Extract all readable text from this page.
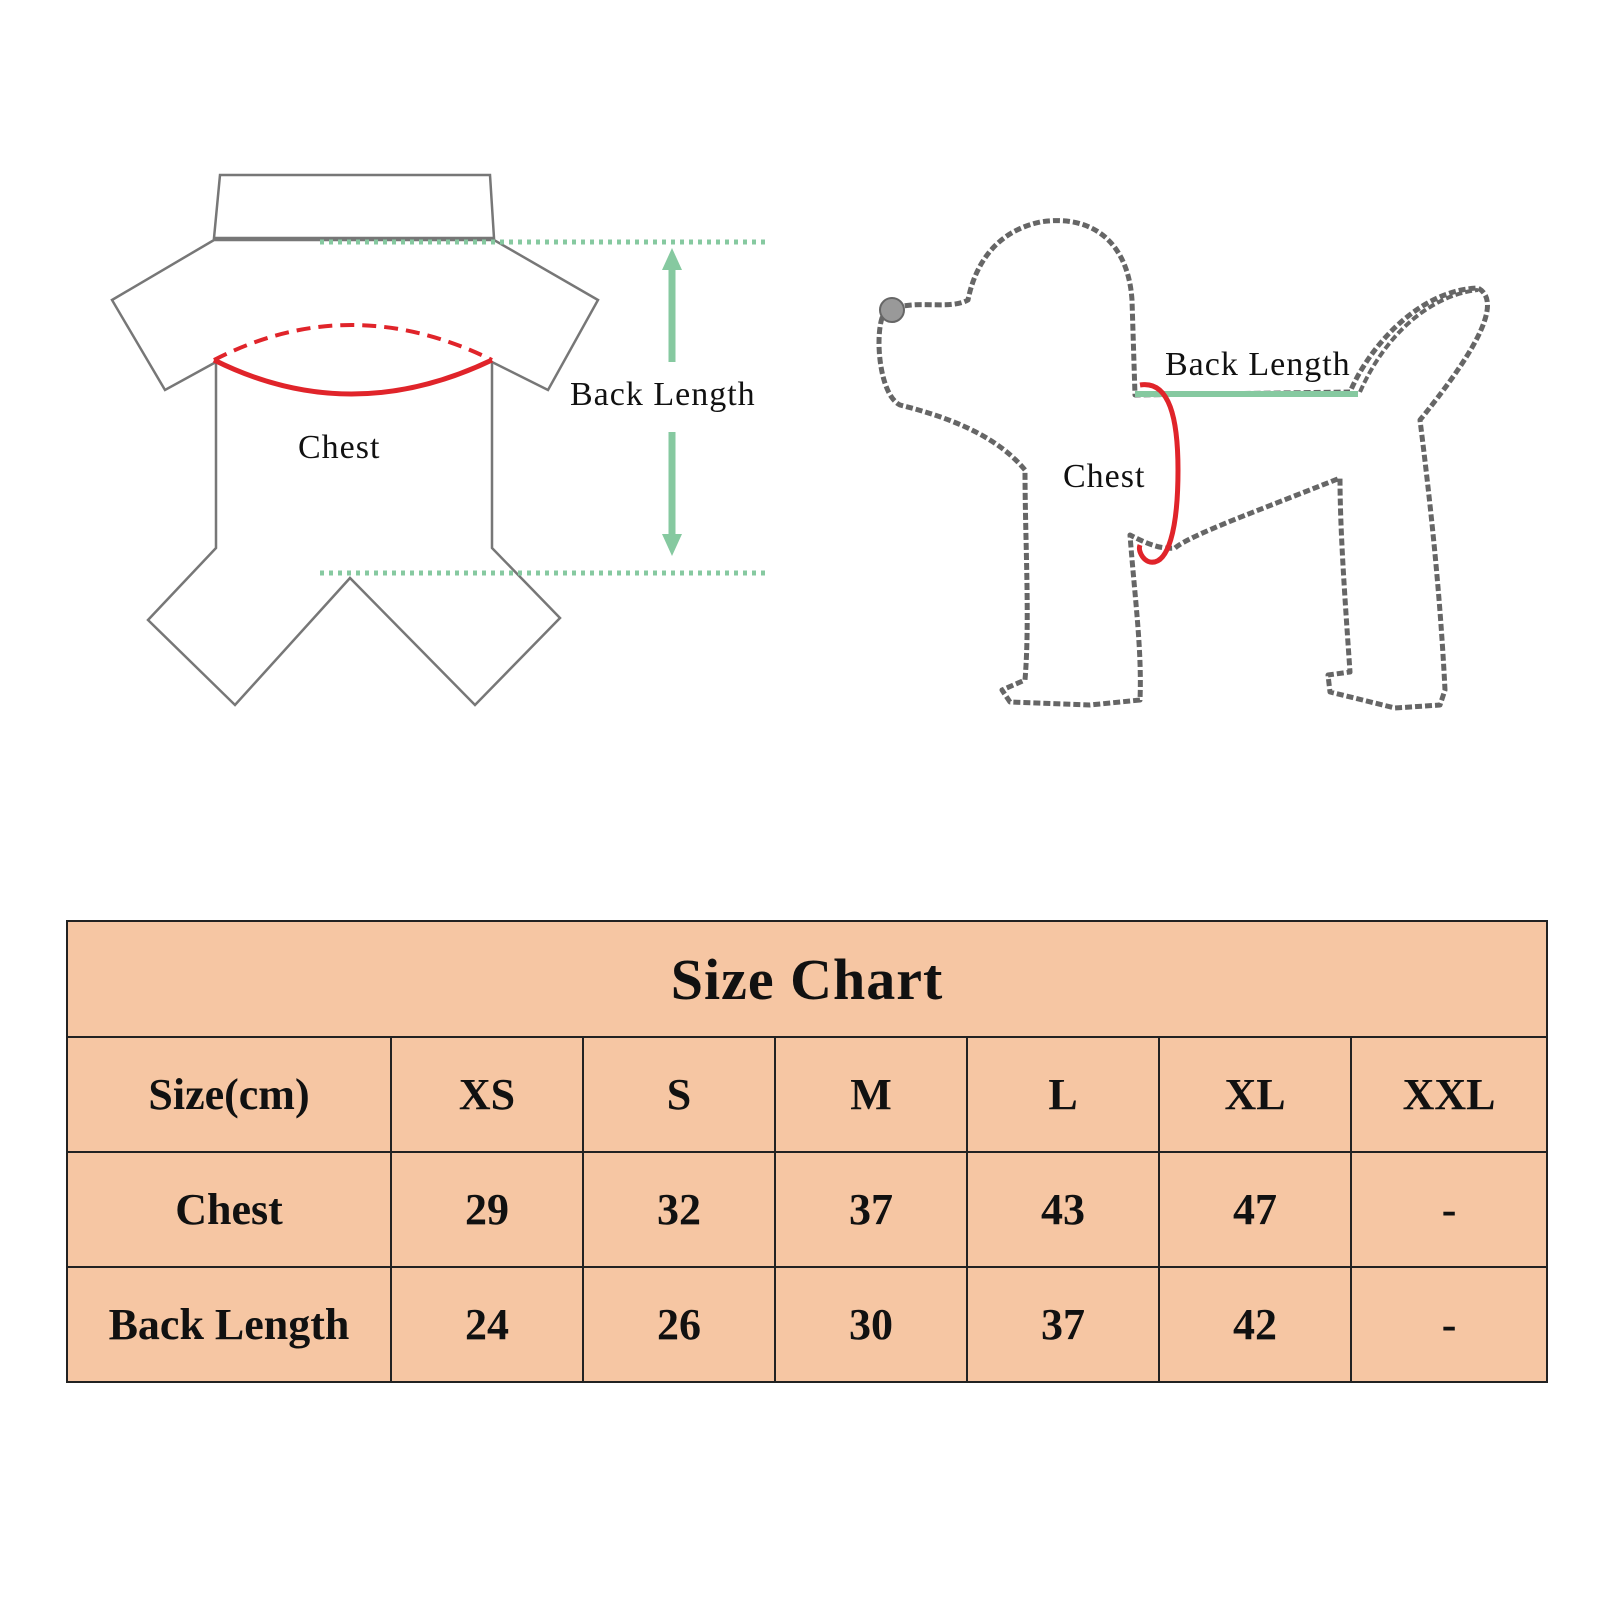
Chest
Back Length
Back Length
Chest
Size Chart						
Size(cm)	XS	S	M	L	XL	XXL
Chest	29	32	37	43	47	-
Back Length	24	26	30	37	42	-
